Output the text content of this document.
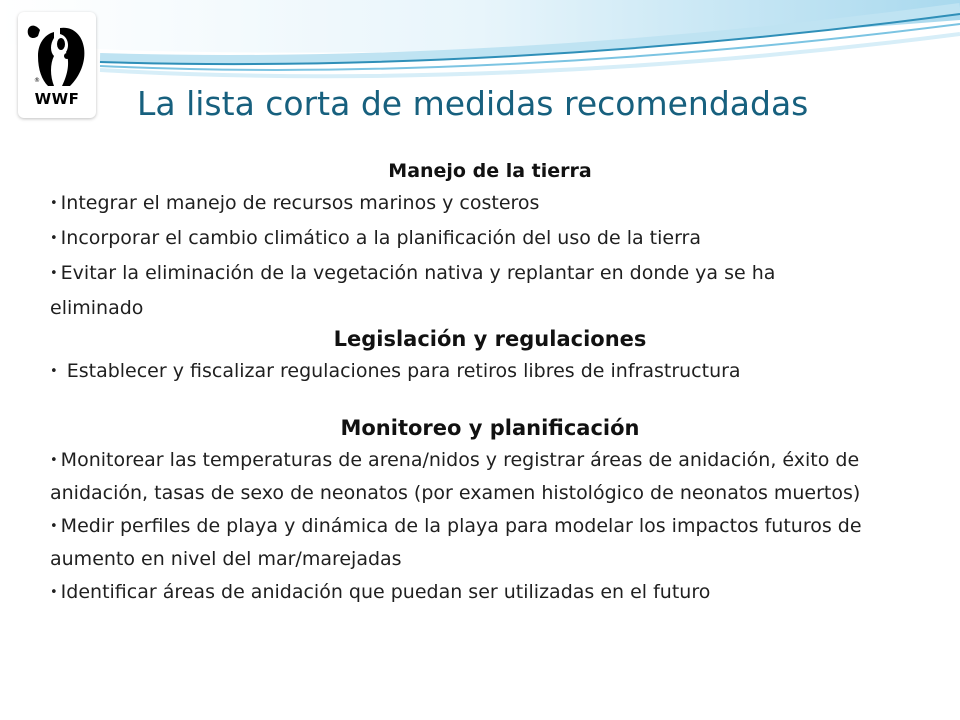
®
WWF	La lista corta de medidas recomendadas
Manejo de la tierra

• Integrar el manejo de recursos marinos y costeros

• Incorporar el cambio climático a la planificación del uso de la tierra

• Evitar la eliminación de la vegetación nativa y replantar en donde ya se ha eliminado

Legislación y regulaciones

• Establecer y fiscalizar regulaciones para retiros libres de infrastructura

Monitoreo y planificación

• Monitorear las temperaturas de arena/nidos y registrar áreas de anidación, éxito de anidación, tasas de sexo de neonatos (por examen histológico de neonatos muertos)

• Medir perfiles de playa y dinámica de la playa para modelar los impactos futuros de aumento en nivel del mar/marejadas

• Identificar áreas de anidación que puedan ser utilizadas en el futuro
